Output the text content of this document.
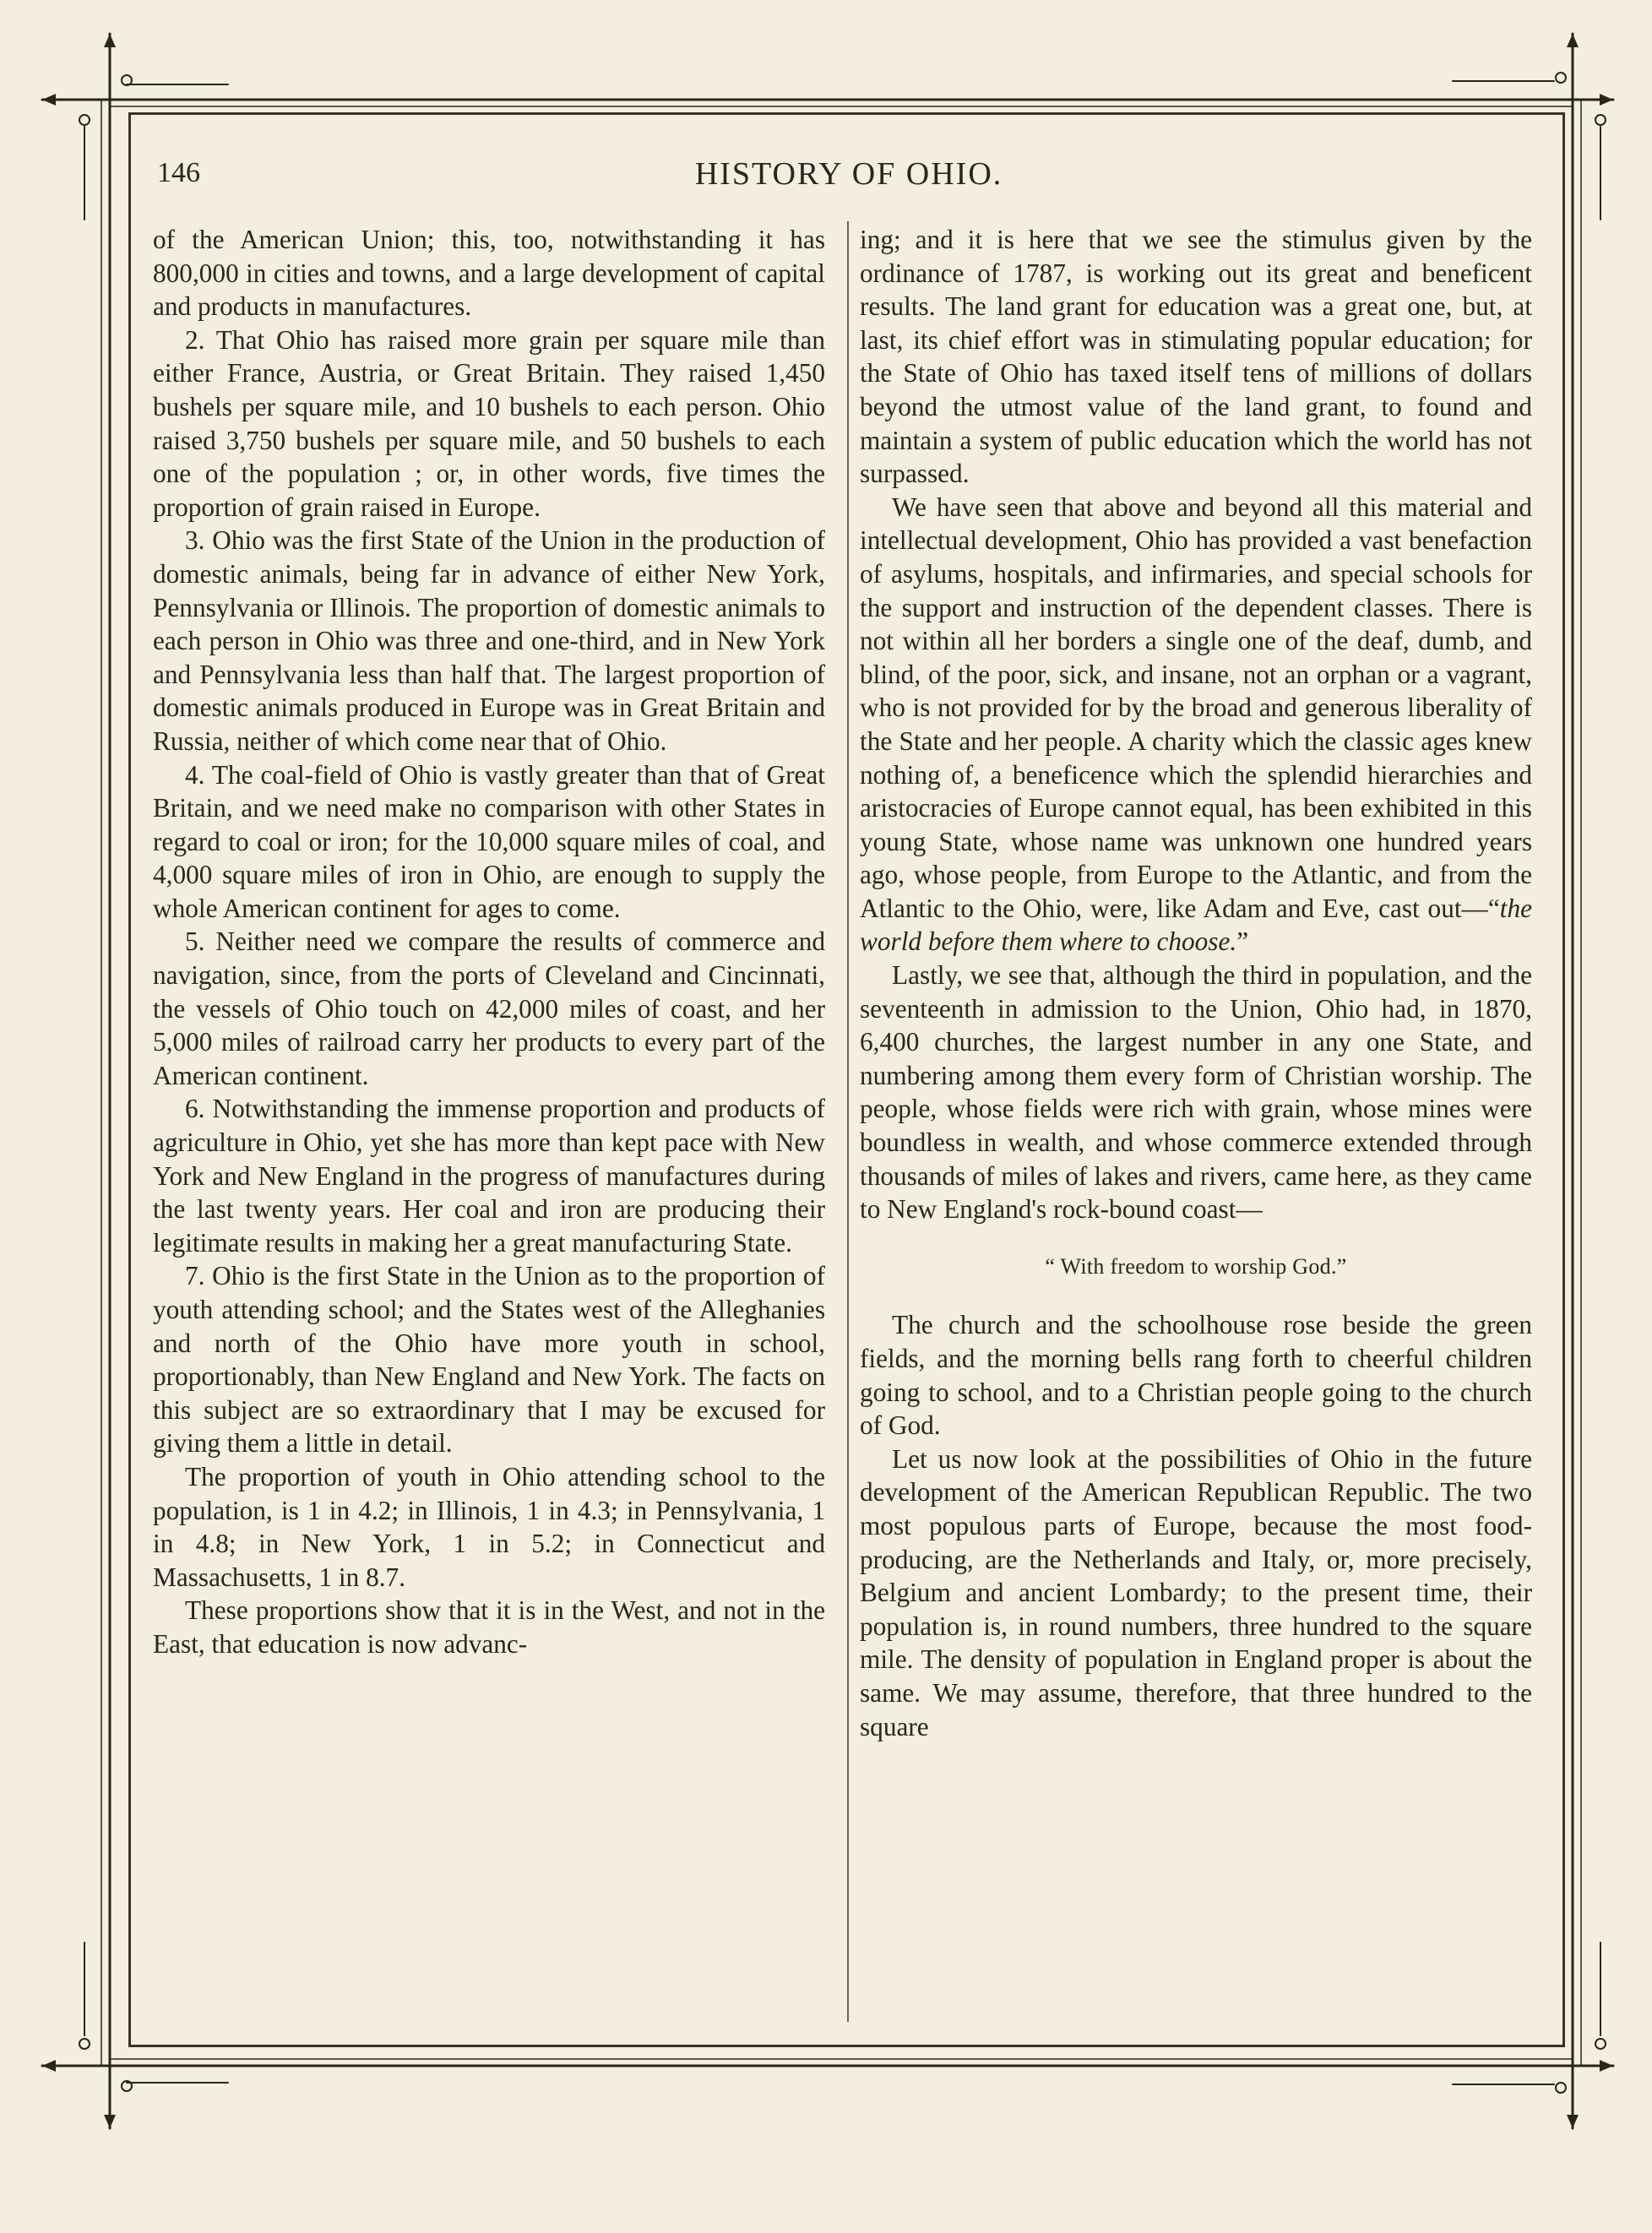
146	HISTORY OF OHIO.

of the American Union; this, too, notwithstanding it has 800,000 in cities and towns, and a large development of capital and products in manufactures.

2. That Ohio has raised more grain per square mile than either France, Austria, or Great Britain. They raised 1,450 bushels per square mile, and 10 bushels to each person. Ohio raised 3,750 bushels per square mile, and 50 bushels to each one of the population ; or, in other words, five times the proportion of grain raised in Europe.

3. Ohio was the first State of the Union in the production of domestic animals, being far in advance of either New York, Pennsylvania or Illinois. The proportion of domestic animals to each person in Ohio was three and one-third, and in New York and Pennsylvania less than half that. The largest proportion of domestic animals produced in Europe was in Great Britain and Russia, neither of which come near that of Ohio.

4. The coal-field of Ohio is vastly greater than that of Great Britain, and we need make no comparison with other States in regard to coal or iron; for the 10,000 square miles of coal, and 4,000 square miles of iron in Ohio, are enough to supply the whole American continent for ages to come.

5. Neither need we compare the results of commerce and navigation, since, from the ports of Cleveland and Cincinnati, the vessels of Ohio touch on 42,000 miles of coast, and her 5,000 miles of railroad carry her products to every part of the American continent.

6. Notwithstanding the immense proportion and products of agriculture in Ohio, yet she has more than kept pace with New York and New England in the progress of manufactures during the last twenty years. Her coal and iron are producing their legitimate results in making her a great manufacturing State.

7. Ohio is the first State in the Union as to the proportion of youth attending school; and the States west of the Alleghanies and north of the Ohio have more youth in school, proportionably, than New England and New York. The facts on this subject are so extraordinary that I may be excused for giving them a little in detail.

The proportion of youth in Ohio attending school to the population, is 1 in 4.2; in Illinois, 1 in 4.3; in Pennsylvania, 1 in 4.8; in New York, 1 in 5.2; in Connecticut and Massachusetts, 1 in 8.7.

These proportions show that it is in the West, and not in the East, that education is now advanc-

ing; and it is here that we see the stimulus given by the ordinance of 1787, is working out its great and beneficent results. The land grant for education was a great one, but, at last, its chief effort was in stimulating popular education; for the State of Ohio has taxed itself tens of millions of dollars beyond the utmost value of the land grant, to found and maintain a system of public education which the world has not surpassed.

We have seen that above and beyond all this material and intellectual development, Ohio has provided a vast benefaction of asylums, hospitals, and infirmaries, and special schools for the support and instruction of the dependent classes. There is not within all her borders a single one of the deaf, dumb, and blind, of the poor, sick, and insane, not an orphan or a vagrant, who is not provided for by the broad and generous liberality of the State and her people. A charity which the classic ages knew nothing of, a beneficence which the splendid hierarchies and aristocracies of Europe cannot equal, has been exhibited in this young State, whose name was unknown one hundred years ago, whose people, from Europe to the Atlantic, and from the Atlantic to the Ohio, were, like Adam and Eve, cast out—“the world before them where to choose.”

Lastly, we see that, although the third in population, and the seventeenth in admission to the Union, Ohio had, in 1870, 6,400 churches, the largest number in any one State, and numbering among them every form of Christian worship. The people, whose fields were rich with grain, whose mines were boundless in wealth, and whose commerce extended through thousands of miles of lakes and rivers, came here, as they came to New England's rock-bound coast—

“ With freedom to worship God.”

The church and the schoolhouse rose beside the green fields, and the morning bells rang forth to cheerful children going to school, and to a Christian people going to the church of God.

Let us now look at the possibilities of Ohio in the future development of the American Republican Republic. The two most populous parts of Europe, because the most food-producing, are the Netherlands and Italy, or, more precisely, Belgium and ancient Lombardy; to the present time, their population is, in round numbers, three hundred to the square mile. The density of population in England proper is about the same. We may assume, therefore, that three hundred to the square
